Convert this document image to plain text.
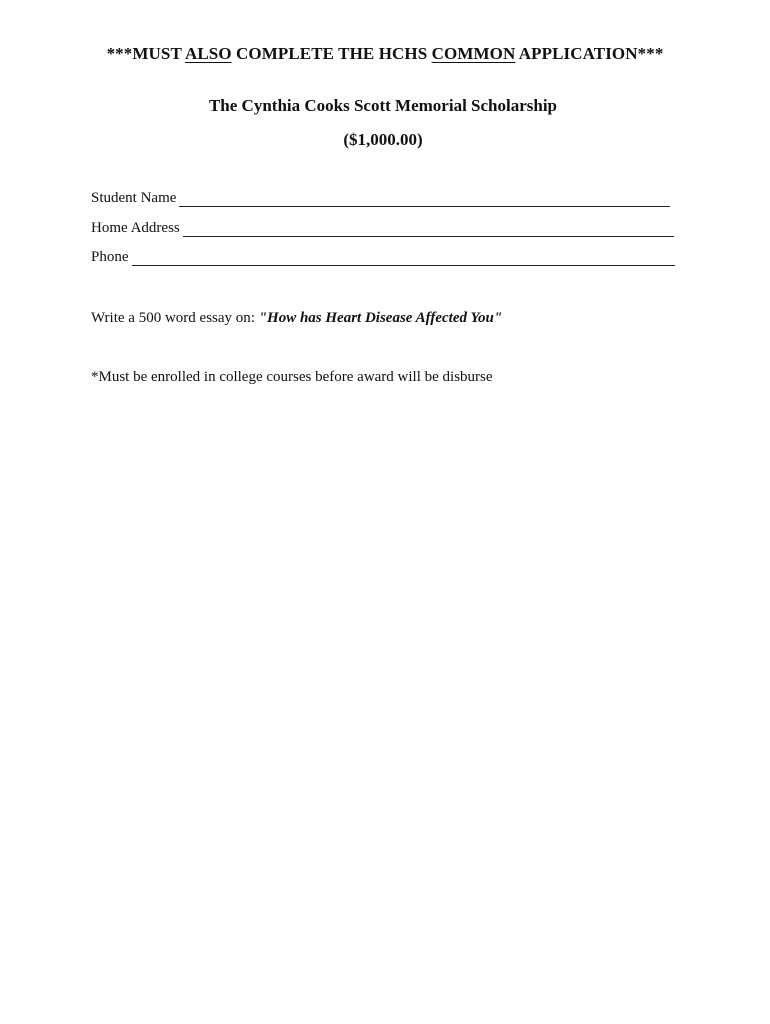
***MUST ALSO COMPLETE THE HCHS COMMON APPLICATION***
The Cynthia Cooks Scott Memorial Scholarship
($1,000.00)
Student Name
Home Address
Phone
Write a 500 word essay on: "How has Heart Disease Affected You"
*Must be enrolled in college courses before award will be disburse
